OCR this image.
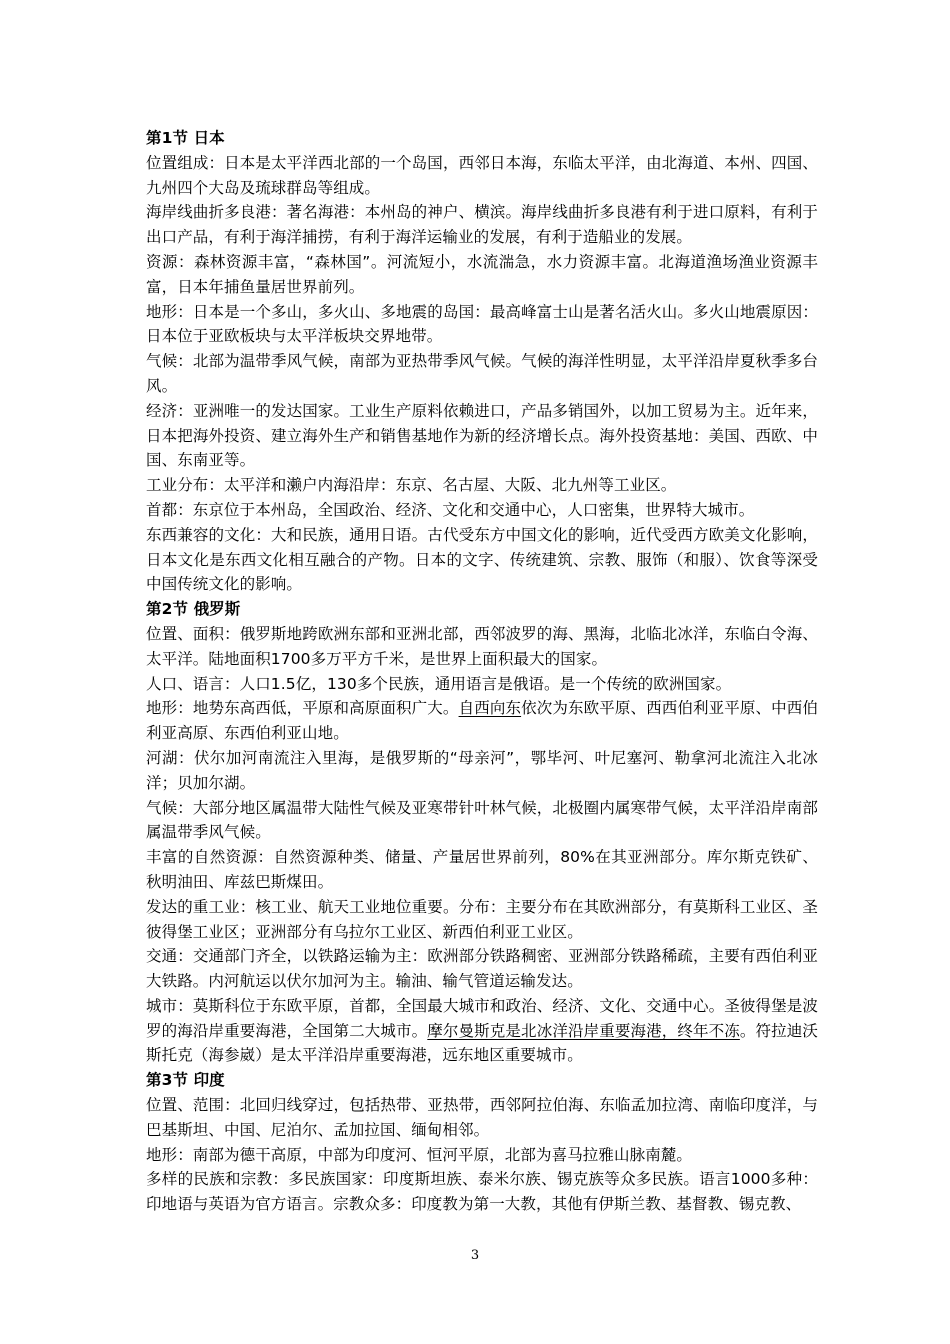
第1节 日本

位置组成：日本是太平洋西北部的一个岛国，西邻日本海，东临太平洋，由北海道、本州、四国、九州四个大岛及琉球群岛等组成。

海岸线曲折多良港：著名海港：本州岛的神户、横滨。海岸线曲折多良港有利于进口原料，有利于出口产品，有利于海洋捕捞，有利于海洋运输业的发展，有利于造船业的发展。

资源：森林资源丰富，“森林国”。河流短小，水流湍急，水力资源丰富。北海道渔场渔业资源丰富，日本年捕鱼量居世界前列。

地形：日本是一个多山，多火山、多地震的岛国：最高峰富士山是著名活火山。多火山地震原因：日本位于亚欧板块与太平洋板块交界地带。

气候：北部为温带季风气候，南部为亚热带季风气候。气候的海洋性明显，太平洋沿岸夏秋季多台风。

经济：亚洲唯一的发达国家。工业生产原料依赖进口，产品多销国外，以加工贸易为主。近年来，日本把海外投资、建立海外生产和销售基地作为新的经济增长点。海外投资基地：美国、西欧、中国、东南亚等。

工业分布：太平洋和濑户内海沿岸：东京、名古屋、大阪、北九州等工业区。

首都：东京位于本州岛，全国政治、经济、文化和交通中心，人口密集，世界特大城市。

东西兼容的文化：大和民族，通用日语。古代受东方中国文化的影响，近代受西方欧美文化影响，日本文化是东西文化相互融合的产物。日本的文字、传统建筑、宗教、服饰（和服）、饮食等深受中国传统文化的影响。

第2节 俄罗斯

位置、面积：俄罗斯地跨欧洲东部和亚洲北部，西邻波罗的海、黑海，北临北冰洋，东临白令海、太平洋。陆地面积1700多万平方千米，是世界上面积最大的国家。

人口、语言：人口1.5亿，130多个民族，通用语言是俄语。是一个传统的欧洲国家。

地形：地势东高西低，平原和高原面积广大。自西向东依次为东欧平原、西西伯利亚平原、中西伯利亚高原、东西伯利亚山地。

河湖：伏尔加河南流注入里海，是俄罗斯的“母亲河”，鄂毕河、叶尼塞河、勒拿河北流注入北冰洋；贝加尔湖。

气候：大部分地区属温带大陆性气候及亚寒带针叶林气候，北极圈内属寒带气候，太平洋沿岸南部属温带季风气候。

丰富的自然资源：自然资源种类、储量、产量居世界前列，80%在其亚洲部分。库尔斯克铁矿、秋明油田、库兹巴斯煤田。

发达的重工业：核工业、航天工业地位重要。分布：主要分布在其欧洲部分，有莫斯科工业区、圣彼得堡工业区；亚洲部分有乌拉尔工业区、新西伯利亚工业区。

交通：交通部门齐全，以铁路运输为主：欧洲部分铁路稠密、亚洲部分铁路稀疏，主要有西伯利亚大铁路。内河航运以伏尔加河为主。输油、输气管道运输发达。

城市：莫斯科位于东欧平原，首都，全国最大城市和政治、经济、文化、交通中心。圣彼得堡是波罗的海沿岸重要海港，全国第二大城市。摩尔曼斯克是北冰洋沿岸重要海港，终年不冻。符拉迪沃斯托克（海参崴）是太平洋沿岸重要海港，远东地区重要城市。

第3节 印度

位置、范围：北回归线穿过，包括热带、亚热带，西邻阿拉伯海、东临孟加拉湾、南临印度洋，与巴基斯坦、中国、尼泊尔、孟加拉国、缅甸相邻。

地形：南部为德干高原，中部为印度河、恒河平原，北部为喜马拉雅山脉南麓。

多样的民族和宗教：多民族国家：印度斯坦族、泰米尔族、锡克族等众多民族。语言1000多种：印地语与英语为官方语言。宗教众多：印度教为第一大教，其他有伊斯兰教、基督教、锡克教、

3
